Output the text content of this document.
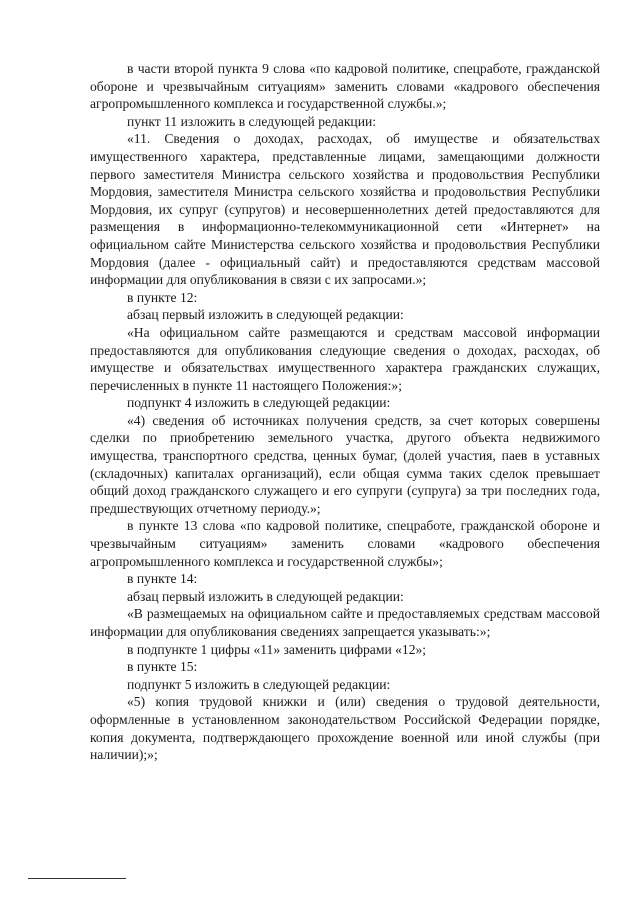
в части второй пункта 9 слова «по кадровой политике, спецработе, гражданской обороне и чрезвычайным ситуациям» заменить словами «кадрового обеспечения агропромышленного комплекса и государственной службы.»;

пункт 11 изложить в следующей редакции:

«11. Сведения о доходах, расходах, об имуществе и обязательствах имущественного характера, представленные лицами, замещающими должности первого заместителя Министра сельского хозяйства и продовольствия Республики Мордовия, заместителя Министра сельского хозяйства и продовольствия Республики Мордовия, их супруг (супругов) и несовершеннолетних детей предоставляются для размещения в информационно-телекоммуникационной сети «Интернет» на официальном сайте Министерства сельского хозяйства и продовольствия Республики Мордовия (далее - официальный сайт) и предоставляются средствам массовой информации для опубликования в связи с их запросами.»;

в пункте 12:

абзац первый изложить в следующей редакции:

«На официальном сайте размещаются и средствам массовой информации предоставляются для опубликования следующие сведения о доходах, расходах, об имуществе и обязательствах имущественного характера гражданских служащих, перечисленных в пункте 11 настоящего Положения:»;

подпункт 4 изложить в следующей редакции:

«4) сведения об источниках получения средств, за счет которых совершены сделки по приобретению земельного участка, другого объекта недвижимого имущества, транспортного средства, ценных бумаг, (долей участия, паев в уставных (складочных) капиталах организаций), если общая сумма таких сделок превышает общий доход гражданского служащего и его супруги (супруга) за три последних года, предшествующих отчетному периоду.»;

в пункте 13 слова «по кадровой политике, спецработе, гражданской обороне и чрезвычайным ситуациям» заменить словами «кадрового обеспечения агропромышленного комплекса и государственной службы»;

в пункте 14:

абзац первый изложить в следующей редакции:

«В размещаемых на официальном сайте и предоставляемых средствам массовой информации для опубликования сведениях запрещается указывать:»;

в подпункте 1 цифры «11» заменить цифрами «12»;

в пункте 15:

подпункт 5 изложить в следующей редакции:

«5) копия трудовой книжки и (или) сведения о трудовой деятельности, оформленные в установленном законодательством Российской Федерации порядке, копия документа, подтверждающего прохождение военной или иной службы (при наличии);»;
